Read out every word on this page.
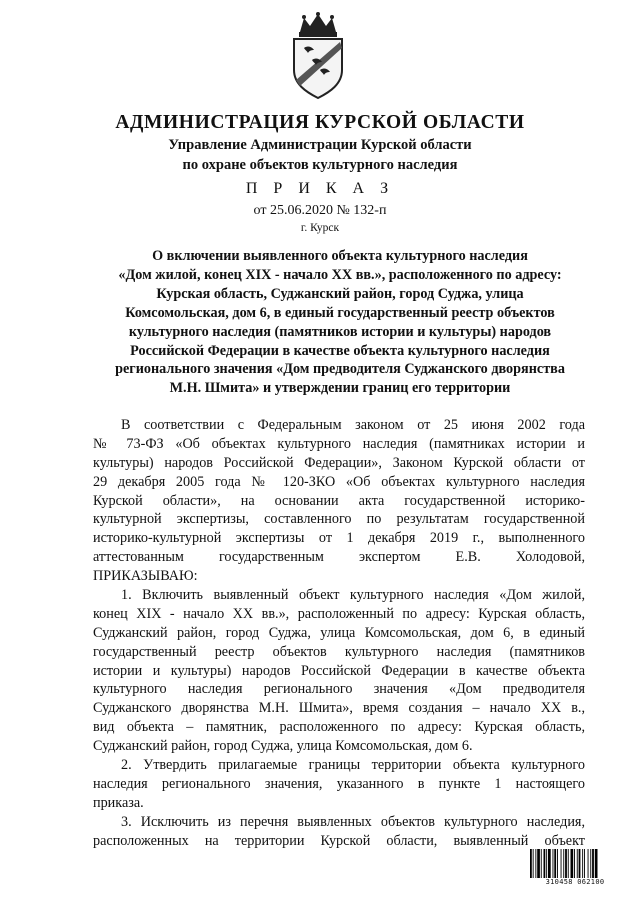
АДМИНИСТРАЦИЯ КУРСКОЙ ОБЛАСТИ
Управление Администрации Курской области
по охране объектов культурного наследия
П Р И К А З
от 25.06.2020 № 132-п
г. Курск
О включении выявленного объекта культурного наследия
«Дом жилой, конец XIX - начало XX вв.», расположенного по адресу:
Курская область, Суджанский район, город Суджа, улица
Комсомольская, дом 6, в единый государственный реестр объектов
культурного наследия (памятников истории и культуры) народов
Российской Федерации в качестве объекта культурного наследия
регионального значения «Дом предводителя Суджанского дворянства
М.Н. Шмита» и утверждении границ его территории
В соответствии с Федеральным законом от 25 июня 2002 года
№ 73-ФЗ «Об объектах культурного наследия (памятниках истории и
культуры) народов Российской Федерации», Законом Курской области от
29 декабря 2005 года № 120-ЗКО «Об объектах культурного наследия
Курской области», на основании акта государственной историко-
культурной экспертизы, составленного по результатам государственной
историко-культурной экспертизы от 1 декабря 2019 г., выполненного
аттестованным государственным экспертом Е.В. Холодовой,
ПРИКАЗЫВАЮ:
1. Включить выявленный объект культурного наследия «Дом жилой,
конец XIX - начало XX вв.», расположенный по адресу: Курская область,
Суджанский район, город Суджа, улица Комсомольская, дом 6, в единый
государственный реестр объектов культурного наследия (памятников
истории и культуры) народов Российской Федерации в качестве объекта
культурного наследия регионального значения «Дом предводителя
Суджанского дворянства М.Н. Шмита», время создания – начало XX в.,
вид объекта – памятник, расположенного по адресу: Курская область,
Суджанский район, город Суджа, улица Комсомольская, дом 6.
2. Утвердить прилагаемые границы территории объекта культурного
наследия регионального значения, указанного в пункте 1 настоящего
приказа.
3. Исключить из перечня выявленных объектов культурного наследия,
расположенных на территории Курской области, выявленный объект
310458 062100
